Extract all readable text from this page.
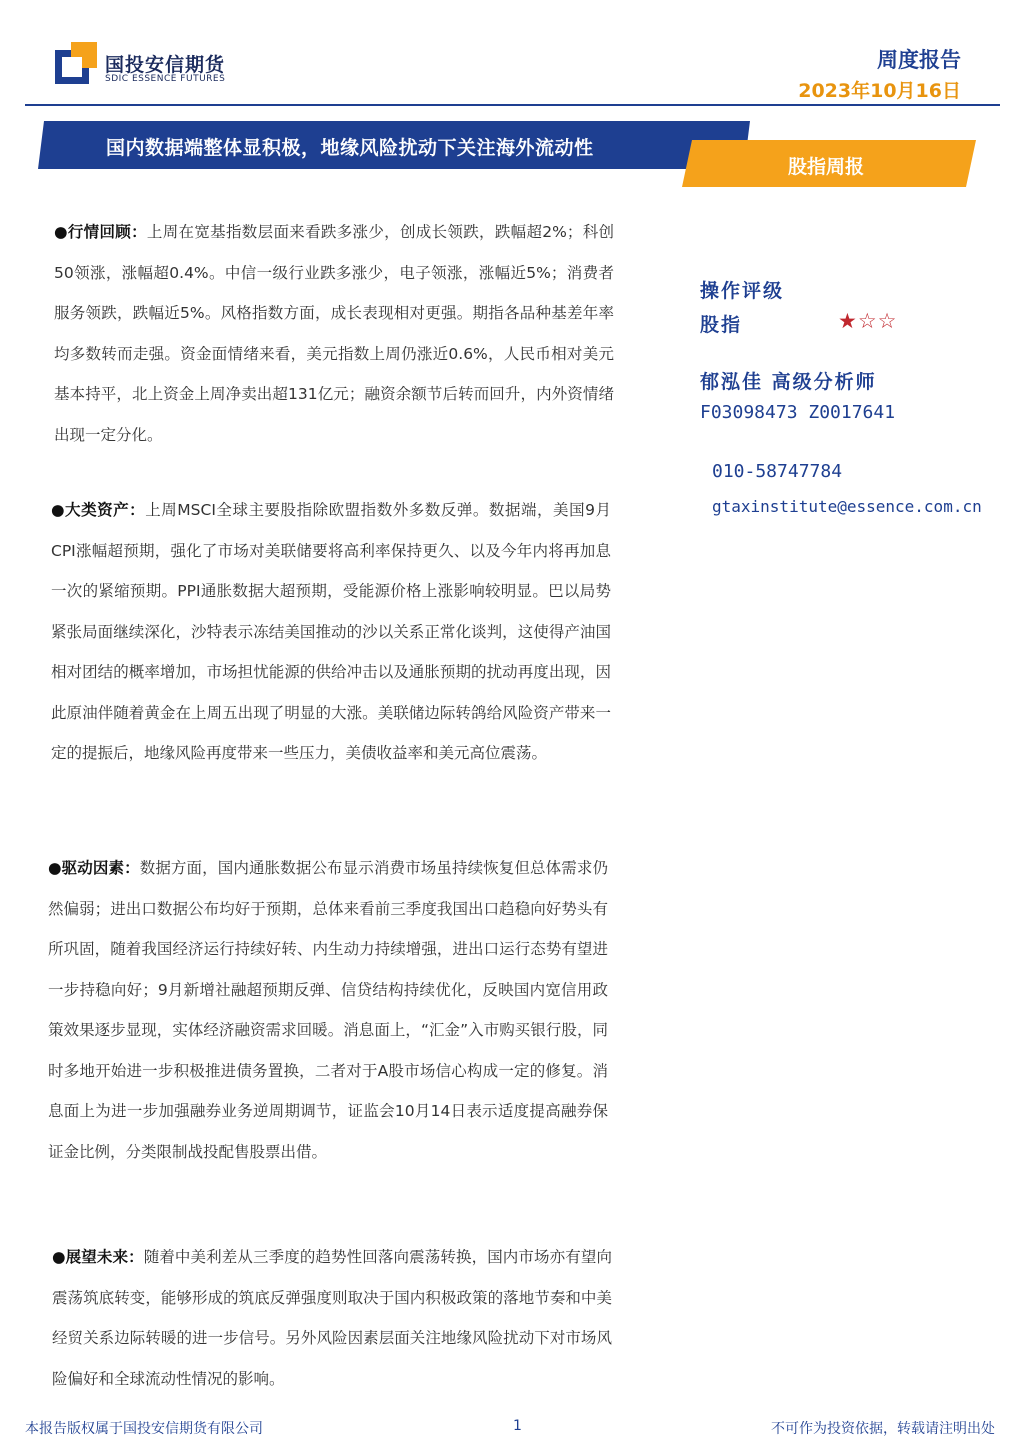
国投安信期货
SDIC ESSENCE FUTURES
周度报告
2023年10月16日
国内数据端整体显积极，地缘风险扰动下关注海外流动性
股指周报
●行情回顾：上周在宽基指数层面来看跌多涨少，创成长领跌，跌幅超2%；科创50领涨，涨幅超0.4%。中信一级行业跌多涨少，电子领涨，涨幅近5%；消费者服务领跌，跌幅近5%。风格指数方面，成长表现相对更强。期指各品种基差年率均多数转而走强。资金面情绪来看，美元指数上周仍涨近0.6%，人民币相对美元基本持平，北上资金上周净卖出超131亿元；融资余额节后转而回升，内外资情绪出现一定分化。
●大类资产：上周MSCI全球主要股指除欧盟指数外多数反弹。数据端，美国9月CPI涨幅超预期，强化了市场对美联储要将高利率保持更久、以及今年内将再加息一次的紧缩预期。PPI通胀数据大超预期，受能源价格上涨影响较明显。巴以局势紧张局面继续深化，沙特表示冻结美国推动的沙以关系正常化谈判，这使得产油国相对团结的概率增加，市场担忧能源的供给冲击以及通胀预期的扰动再度出现，因此原油伴随着黄金在上周五出现了明显的大涨。美联储边际转鸽给风险资产带来一定的提振后，地缘风险再度带来一些压力，美债收益率和美元高位震荡。
●驱动因素：数据方面，国内通胀数据公布显示消费市场虽持续恢复但总体需求仍然偏弱；进出口数据公布均好于预期，总体来看前三季度我国出口趋稳向好势头有所巩固，随着我国经济运行持续好转、内生动力持续增强，进出口运行态势有望进一步持稳向好；9月新增社融超预期反弹、信贷结构持续优化，反映国内宽信用政策效果逐步显现，实体经济融资需求回暖。消息面上，“汇金”入市购买银行股，同时多地开始进一步积极推进债务置换，二者对于A股市场信心构成一定的修复。消息面上为进一步加强融券业务逆周期调节，证监会10月14日表示适度提高融券保证金比例，分类限制战投配售股票出借。
●展望未来：随着中美利差从三季度的趋势性回落向震荡转换，国内市场亦有望向震荡筑底转变，能够形成的筑底反弹强度则取决于国内积极政策的落地节奏和中美经贸关系边际转暖的进一步信号。另外风险因素层面关注地缘风险扰动下对市场风险偏好和全球流动性情况的影响。
操作评级
股指	★☆☆
郁泓佳 高级分析师
F03098473 Z0017641
010-58747784
gtaxinstitute@essence.com.cn
本报告版权属于国投安信期货有限公司	1	不可作为投资依据，转载请注明出处
